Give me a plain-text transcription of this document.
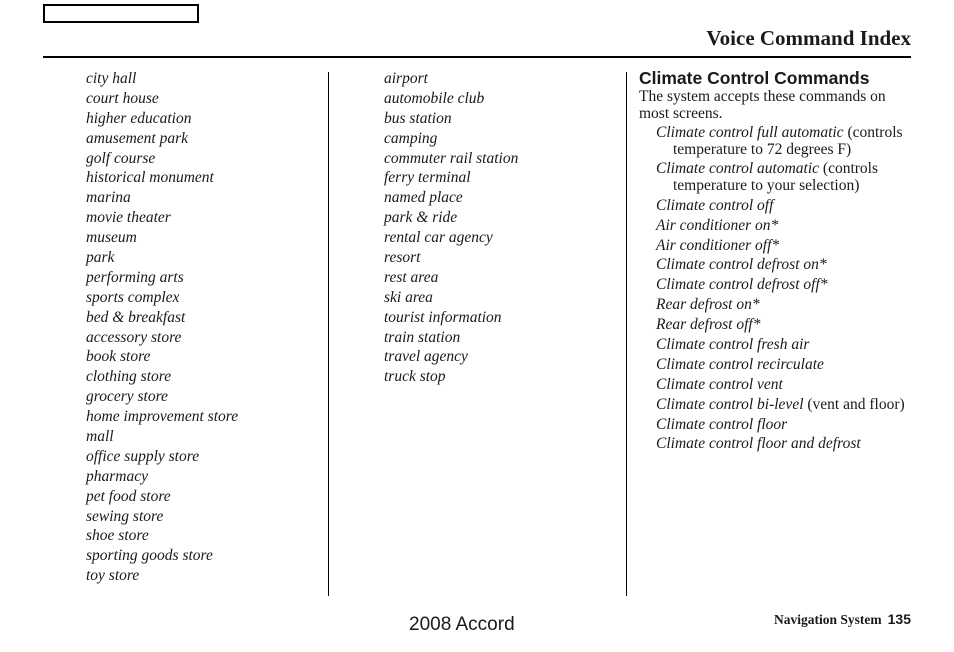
Voice Command Index
city hall
court house
higher education
amusement park
golf course
historical monument
marina
movie theater
museum
park
performing arts
sports complex
bed & breakfast
accessory store
book store
clothing store
grocery store
home improvement store
mall
office supply store
pharmacy
pet food store
sewing store
shoe store
sporting goods store
toy store
airport
automobile club
bus station
camping
commuter rail station
ferry terminal
named place
park & ride
rental car agency
resort
rest area
ski area
tourist information
train station
travel agency
truck stop
Climate Control Commands
The system accepts these commands on most screens.
Climate control full automatic (controls temperature to 72 degrees F)
Climate control automatic (controls temperature to your selection)
Climate control off
Air conditioner on*
Air conditioner off*
Climate control defrost on*
Climate control defrost off*
Rear defrost on*
Rear defrost off*
Climate control fresh air
Climate control recirculate
Climate control vent
Climate control bi-level (vent and floor)
Climate control floor
Climate control floor and defrost
2008 Accord	Navigation System 135
